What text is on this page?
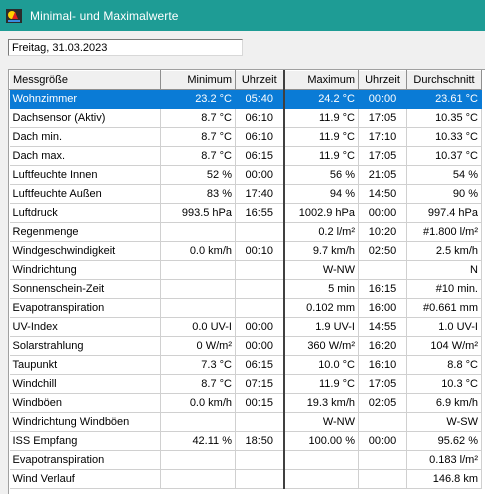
Minimal- und Maximalwerte
Freitag, 31.03.2023
Messgröße	Minimum	Uhrzeit	Maximum	Uhrzeit	Durchschnitt
Wohnzimmer	23.2 °C	05:40	24.2 °C	00:00	23.61 °C
Dachsensor (Aktiv)	8.7 °C	06:10	11.9 °C	17:05	10.35 °C
Dach min.	8.7 °C	06:10	11.9 °C	17:10	10.33 °C
Dach max.	8.7 °C	06:15	11.9 °C	17:05	10.37 °C
Luftfeuchte Innen	52 %	00:00	56 %	21:05	54 %
Luftfeuchte Außen	83 %	17:40	94 %	14:50	90 %
Luftdruck	993.5 hPa	16:55	1002.9 hPa	00:00	997.4 hPa
Regenmenge			0.2 l/m²	10:20	#1.800 l/m²
Windgeschwindigkeit	0.0 km/h	00:10	9.7 km/h	02:50	2.5 km/h
Windrichtung			W-NW		N
Sonnenschein-Zeit			5 min	16:15	#10 min.
Evapotranspiration			0.102 mm	16:00	#0.661 mm
UV-Index	0.0 UV-I	00:00	1.9 UV-I	14:55	1.0 UV-I
Solarstrahlung	0 W/m²	00:00	360 W/m²	16:20	104 W/m²
Taupunkt	7.3 °C	06:15	10.0 °C	16:10	8.8 °C
Windchill	8.7 °C	07:15	11.9 °C	17:05	10.3 °C
Windböen	0.0 km/h	00:15	19.3 km/h	02:05	6.9 km/h
Windrichtung Windböen			W-NW		W-SW
ISS Empfang	42.11 %	18:50	100.00 %	00:00	95.62 %
Evapotranspiration					0.183 l/m²
Wind Verlauf					146.8 km
